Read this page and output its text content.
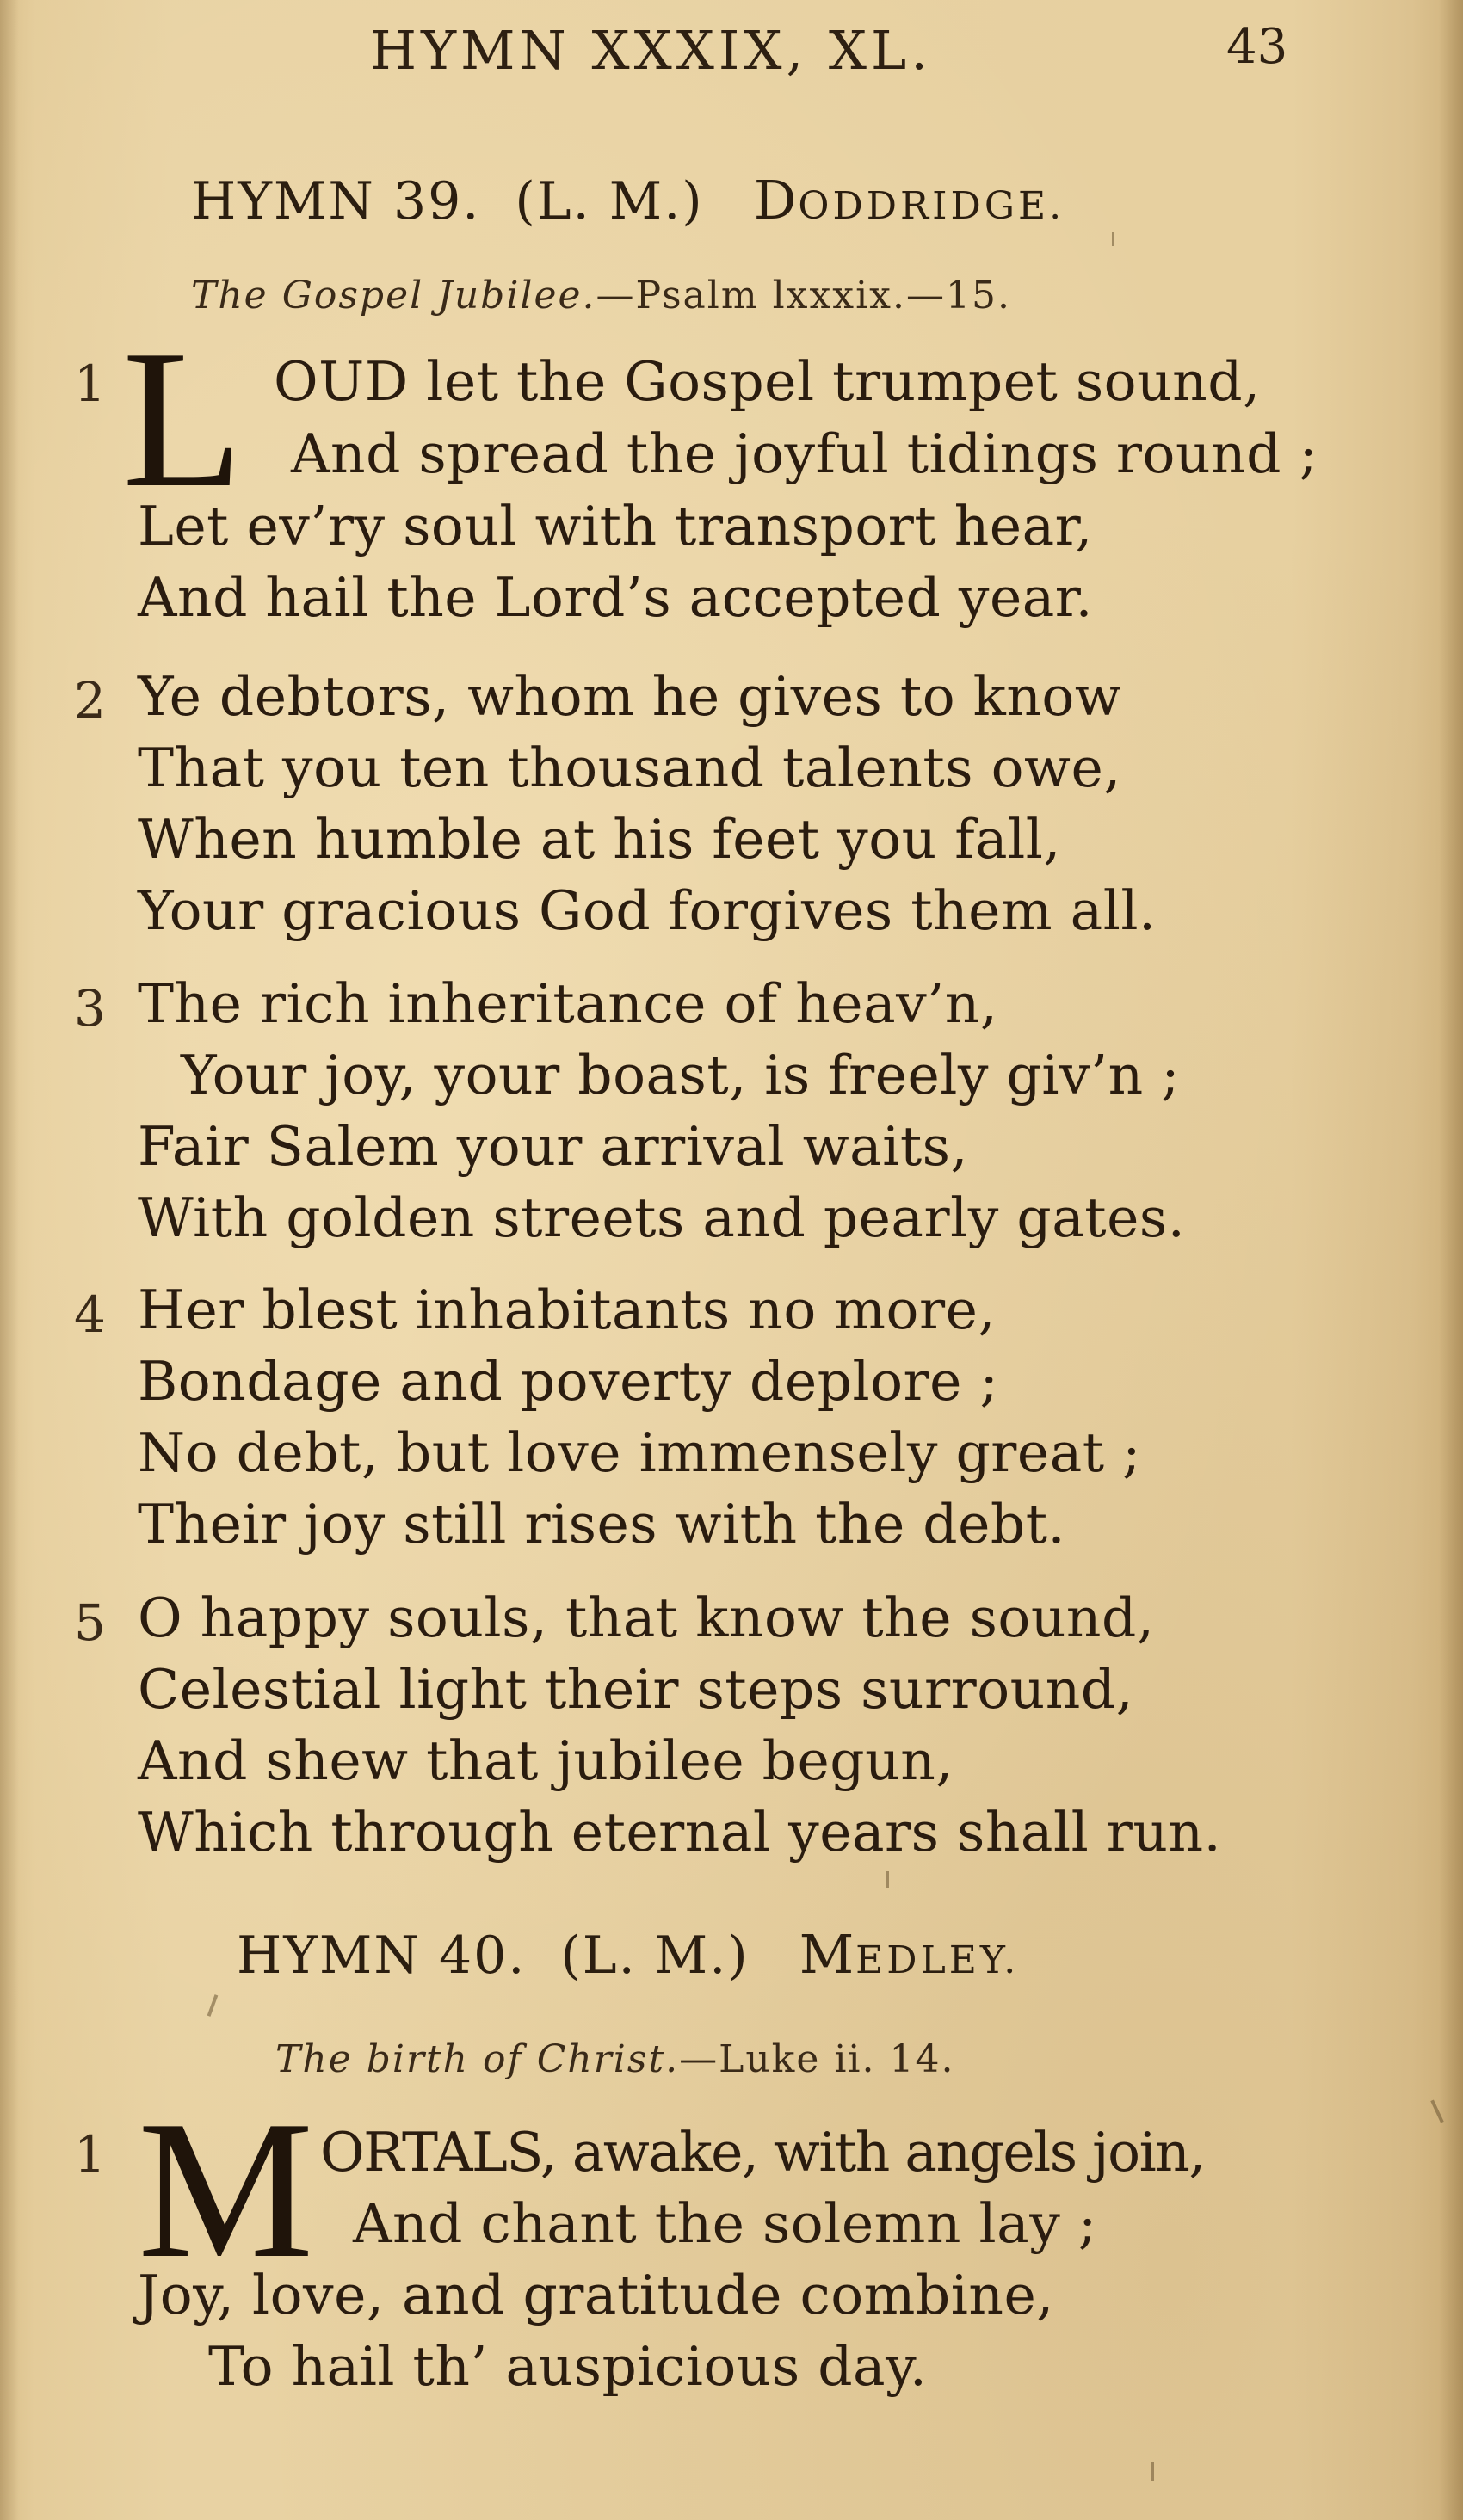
HYMN XXXIX, XL.	43
HYMN 39. (L. M.) DODDRIDGE.
The Gospel Jubilee.—Psalm lxxxix.—15.
1 L OUD let the Gospel trumpet sound,
And spread the joyful tidings round ;
Let ev’ry soul with transport hear,
And hail the Lord’s accepted year.
2 Ye debtors, whom he gives to know
That you ten thousand talents owe,
When humble at his feet you fall,
Your gracious God forgives them all.
3 The rich inheritance of heav’n,
Your joy, your boast, is freely giv’n ;
Fair Salem your arrival waits,
With golden streets and pearly gates.
4 Her blest inhabitants no more,
Bondage and poverty deplore ;
No debt, but love immensely great ;
Their joy still rises with the debt.
5 O happy souls, that know the sound,
Celestial light their steps surround,
And shew that jubilee begun,
Which through eternal years shall run.
HYMN 40. (L. M.) MEDLEY.
The birth of Christ.—Luke ii. 14.
1 M ORTALS, awake, with angels join,
And chant the solemn lay ;
Joy, love, and gratitude combine,
To hail th’ auspicious day.
